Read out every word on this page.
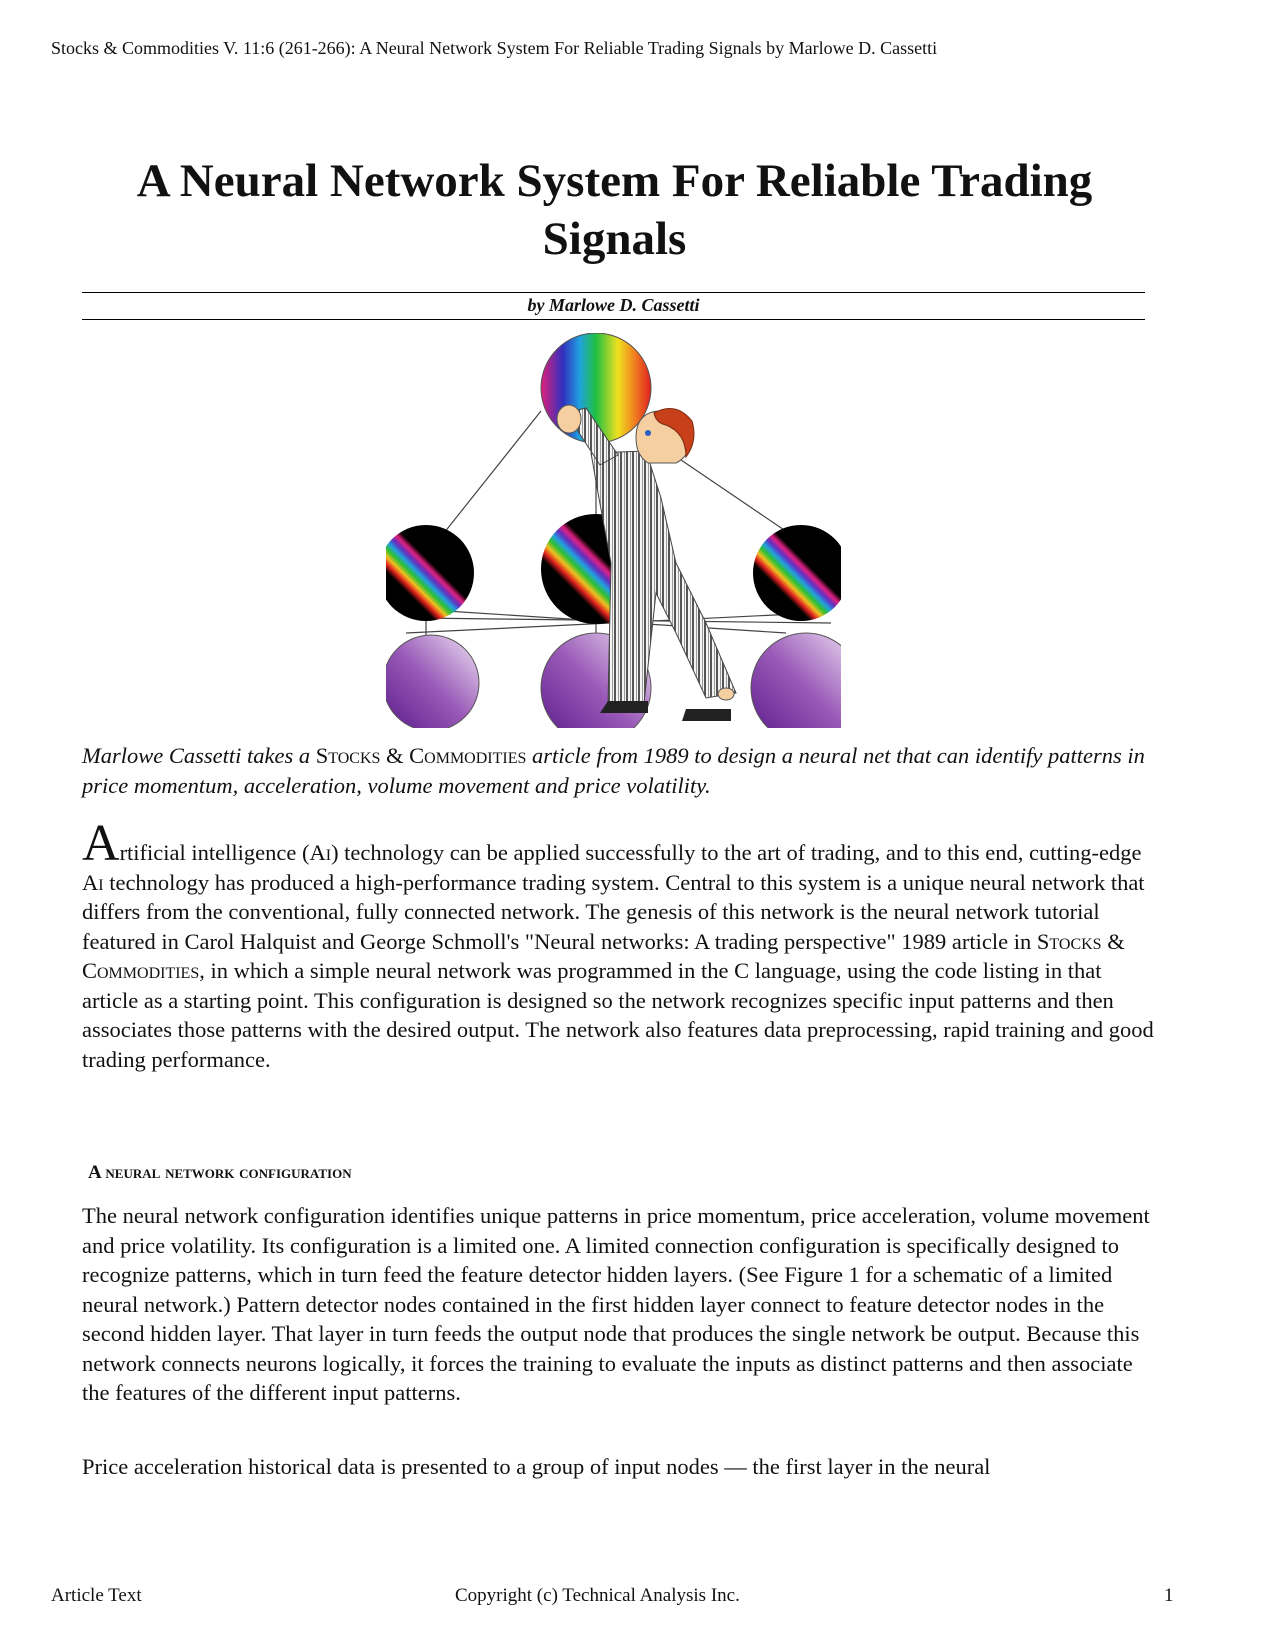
Stocks & Commodities V. 11:6 (261-266): A Neural Network System For Reliable Trading Signals by Marlowe D. Cassetti
A Neural Network System For Reliable Trading Signals
by Marlowe D. Cassetti

Marlowe Cassetti takes a Stocks & Commodities article from 1989 to design a neural net that can identify patterns in price momentum, acceleration, volume movement and price volatility.

Artificial intelligence (Ai) technology can be applied successfully to the art of trading, and to this end, cutting-edge Ai technology has produced a high-performance trading system. Central to this system is a unique neural network that differs from the conventional, fully connected network. The genesis of this network is the neural network tutorial featured in Carol Halquist and George Schmoll's "Neural networks: A trading perspective" 1989 article in Stocks & Commodities, in which a simple neural network was programmed in the C language, using the code listing in that article as a starting point. This configuration is designed so the network recognizes specific input patterns and then associates those patterns with the desired output. The network also features data preprocessing, rapid training and good trading performance.

A neural network configuration

The neural network configuration identifies unique patterns in price momentum, price acceleration, volume movement and price volatility. Its configuration is a limited one. A limited connection configuration is specifically designed to recognize patterns, which in turn feed the feature detector hidden layers. (See Figure 1 for a schematic of a limited neural network.) Pattern detector nodes contained in the first hidden layer connect to feature detector nodes in the second hidden layer. That layer in turn feeds the output node that produces the single network be output. Because this network connects neurons logically, it forces the training to evaluate the inputs as distinct patterns and then associate the features of the different input patterns.

Price acceleration historical data is presented to a group of input nodes — the first layer in the neural

Article Text	Copyright (c) Technical Analysis Inc.	1
